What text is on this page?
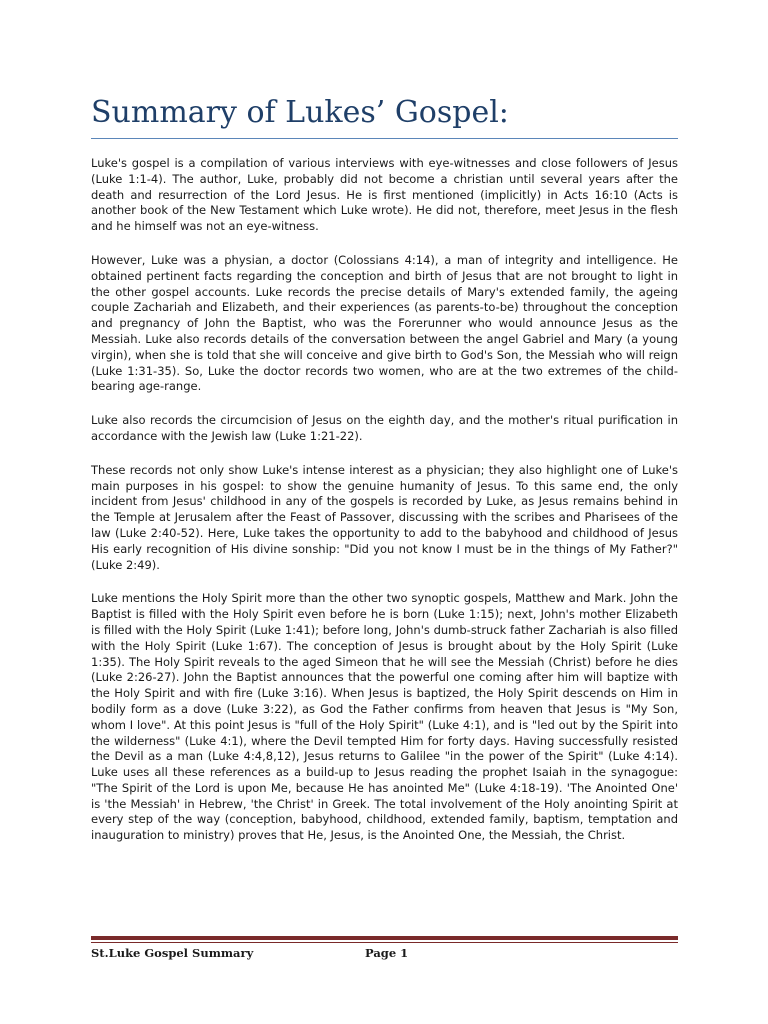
Summary of Lukes’ Gospel:

Luke's gospel is a compilation of various interviews with eye-witnesses and close followers of Jesus (Luke 1:1-4). The author, Luke, probably did not become a christian until several years after the death and resurrection of the Lord Jesus. He is first mentioned (implicitly) in Acts 16:10 (Acts is another book of the New Testament which Luke wrote). He did not, therefore, meet Jesus in the flesh and he himself was not an eye-witness.

However, Luke was a physian, a doctor (Colossians 4:14), a man of integrity and intelligence. He obtained pertinent facts regarding the conception and birth of Jesus that are not brought to light in the other gospel accounts. Luke records the precise details of Mary's extended family, the ageing couple Zachariah and Elizabeth, and their experiences (as parents-to-be) throughout the conception and pregnancy of John the Baptist, who was the Forerunner who would announce Jesus as the Messiah. Luke also records details of the conversation between the angel Gabriel and Mary (a young virgin), when she is told that she will conceive and give birth to God's Son, the Messiah who will reign (Luke 1:31-35). So, Luke the doctor records two women, who are at the two extremes of the child-bearing age-range.

Luke also records the circumcision of Jesus on the eighth day, and the mother's ritual purification in accordance with the Jewish law (Luke 1:21-22).

These records not only show Luke's intense interest as a physician; they also highlight one of Luke's main purposes in his gospel: to show the genuine humanity of Jesus. To this same end, the only incident from Jesus' childhood in any of the gospels is recorded by Luke, as Jesus remains behind in the Temple at Jerusalem after the Feast of Passover, discussing with the scribes and Pharisees of the law (Luke 2:40-52). Here, Luke takes the opportunity to add to the babyhood and childhood of Jesus His early recognition of His divine sonship: "Did you not know I must be in the things of My Father?" (Luke 2:49).

Luke mentions the Holy Spirit more than the other two synoptic gospels, Matthew and Mark. John the Baptist is filled with the Holy Spirit even before he is born (Luke 1:15); next, John's mother Elizabeth is filled with the Holy Spirit (Luke 1:41); before long, John's dumb-struck father Zachariah is also filled with the Holy Spirit (Luke 1:67). The conception of Jesus is brought about by the Holy Spirit (Luke 1:35). The Holy Spirit reveals to the aged Simeon that he will see the Messiah (Christ) before he dies (Luke 2:26-27). John the Baptist announces that the powerful one coming after him will baptize with the Holy Spirit and with fire (Luke 3:16). When Jesus is baptized, the Holy Spirit descends on Him in bodily form as a dove (Luke 3:22), as God the Father confirms from heaven that Jesus is "My Son, whom I love". At this point Jesus is "full of the Holy Spirit" (Luke 4:1), and is "led out by the Spirit into the wilderness" (Luke 4:1), where the Devil tempted Him for forty days. Having successfully resisted the Devil as a man (Luke 4:4,8,12), Jesus returns to Galilee "in the power of the Spirit" (Luke 4:14). Luke uses all these references as a build-up to Jesus reading the prophet Isaiah in the synagogue: "The Spirit of the Lord is upon Me, because He has anointed Me" (Luke 4:18-19). 'The Anointed One' is 'the Messiah' in Hebrew, 'the Christ' in Greek. The total involvement of the Holy anointing Spirit at every step of the way (conception, babyhood, childhood, extended family, baptism, temptation and inauguration to ministry) proves that He, Jesus, is the Anointed One, the Messiah, the Christ.

St.Luke Gospel Summary	Page 1
